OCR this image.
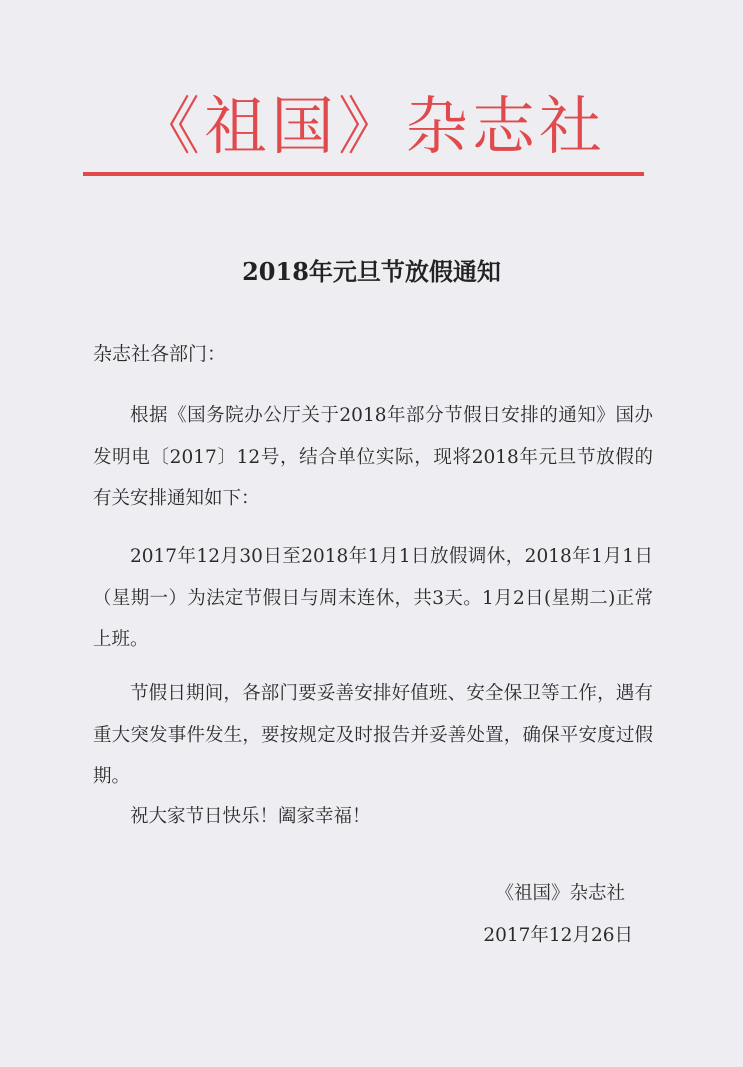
《祖国》杂志社
2018年元旦节放假通知
杂志社各部门：
根据《国务院办公厅关于2018年部分节假日安排的通知》国办发明电〔2017〕12号，结合单位实际，现将2018年元旦节放假的有关安排通知如下：
2017年12月30日至2018年1月1日放假调休，2018年1月1日（星期一）为法定节假日与周末连休，共3天。1月2日(星期二)正常上班。
节假日期间，各部门要妥善安排好值班、安全保卫等工作，遇有重大突发事件发生，要按规定及时报告并妥善处置，确保平安度过假期。
祝大家节日快乐！阖家幸福！
《祖国》杂志社
2017年12月26日
